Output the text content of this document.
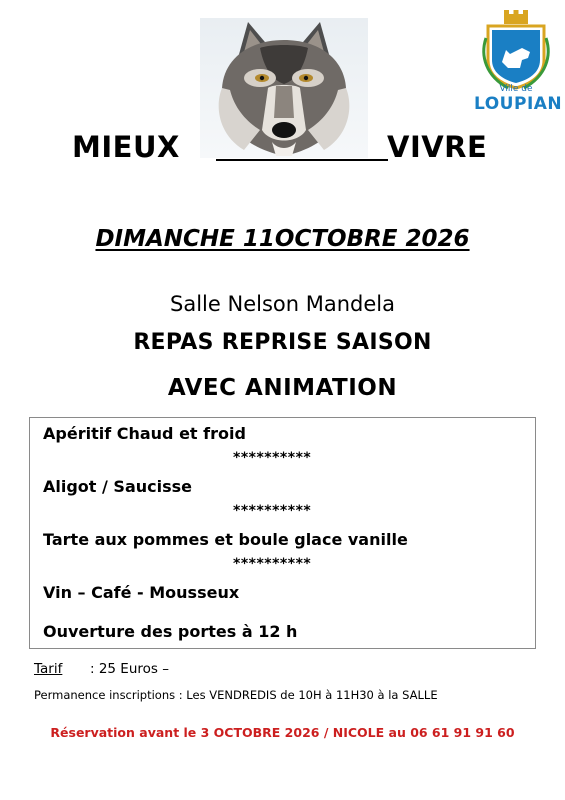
Ville de
LOUPIAN
MIEUX	VIVRE
DIMANCHE 11OCTOBRE 2026
Salle Nelson Mandela
REPAS REPRISE SAISON
AVEC ANIMATION
Apéritif Chaud et froid
**********
Aligot / Saucisse
**********
Tarte aux pommes et boule glace vanille
**********
Vin – Café - Mousseux
Ouverture des portes à 12 h
Tarif : 25 Euros –
Permanence inscriptions : Les VENDREDIS de 10H à 11H30 à la SALLE
Réservation avant le 3 OCTOBRE 2026 / NICOLE au 06 61 91 91 60
